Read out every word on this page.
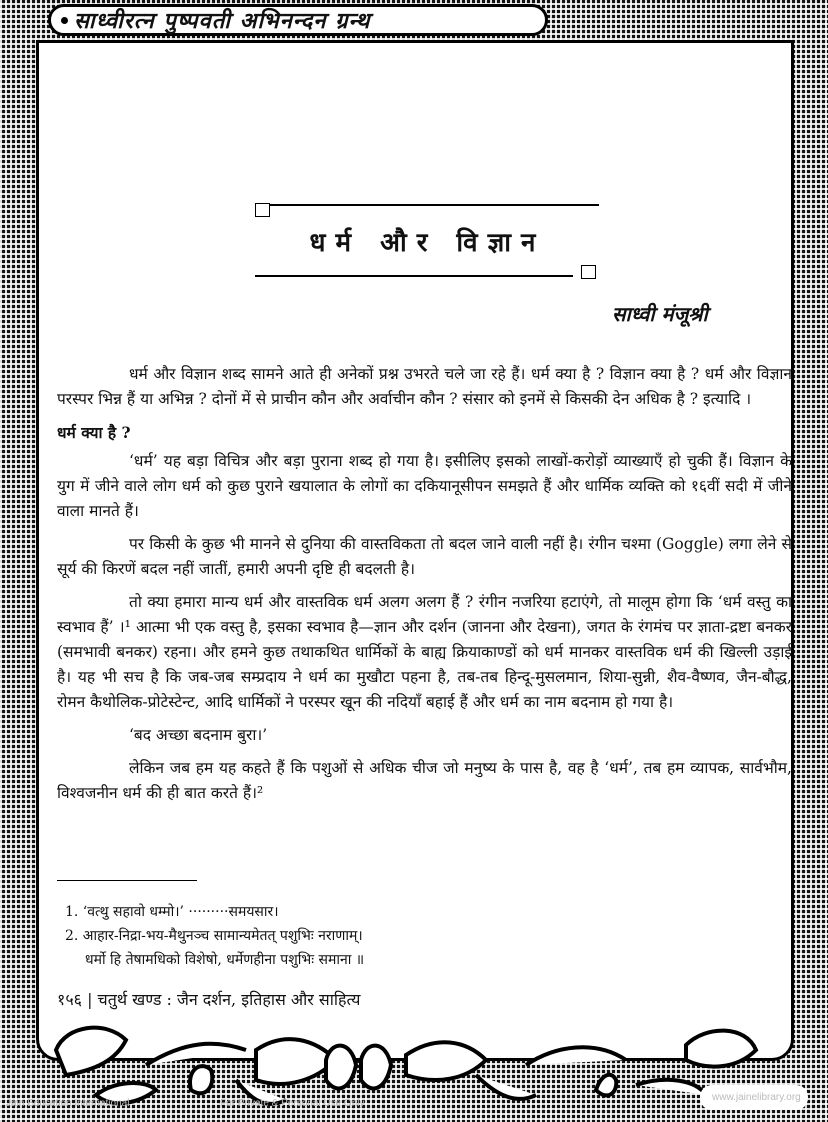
साध्वीरत्न पुष्पवती अभिनन्दन ग्रन्थ
धर्म और विज्ञान
साध्वी मंजूश्री

धर्म और विज्ञान शब्द सामने आते ही अनेकों प्रश्न उभरते चले जा रहे हैं। धर्म क्या है ? विज्ञान क्या है ? धर्म और विज्ञान परस्पर भिन्न हैं या अभिन्न ? दोनों में से प्राचीन कौन और अर्वाचीन कौन ? संसार को इनमें से किसकी देन अधिक है ? इत्यादि ।

धर्म क्या है ?

‘धर्म’ यह बड़ा विचित्र और बड़ा पुराना शब्द हो गया है। इसीलिए इसको लाखों-करोड़ों व्याख्याएँ हो चुकी हैं। विज्ञान के युग में जीने वाले लोग धर्म को कुछ पुराने खयालात के लोगों का दकियानूसीपन समझते हैं और धार्मिक व्यक्ति को १६वीं सदी में जीने वाला मानते हैं।

पर किसी के कुछ भी मानने से दुनिया की वास्तविकता तो बदल जाने वाली नहीं है। रंगीन चश्मा (Goggle) लगा लेने से सूर्य की किरणें बदल नहीं जातीं, हमारी अपनी दृष्टि ही बदलती है।

तो क्या हमारा मान्य धर्म और वास्तविक धर्म अलग अलग हैं ? रंगीन नजरिया हटाएंगे, तो मालूम होगा कि ‘धर्म वस्तु का स्वभाव हैं’ ।¹ आत्मा भी एक वस्तु है, इसका स्वभाव है—ज्ञान और दर्शन (जानना और देखना), जगत के रंगमंच पर ज्ञाता-द्रष्टा बनकर (समभावी बनकर) रहना। और हमने कुछ तथाकथित धार्मिकों के बाह्य क्रियाकाण्डों को धर्म मानकर वास्तविक धर्म की खिल्ली उड़ाई है। यह भी सच है कि जब-जब सम्प्रदाय ने धर्म का मुखौटा पहना है, तब-तब हिन्दू-मुसलमान, शिया-सुन्नी, शैव-वैष्णव, जैन-बौद्ध, रोमन कैथोलिक-प्रोटेस्टेन्ट, आदि धार्मिकों ने परस्पर खून की नदियाँ बहाई हैं और धर्म का नाम बदनाम हो गया है।

‘बद अच्छा बदनाम बुरा।’

लेकिन जब हम यह कहते हैं कि पशुओं से अधिक चीज जो मनुष्य के पास है, वह है ‘धर्म’, तब हम व्यापक, सार्वभौम, विश्वजनीन धर्म की ही बात करते हैं।²

1. ‘वत्थु सहावो धम्मो।’ ·········समयसार।

2. आहार-निद्रा-भय-मैथुनञ्च सामान्यमेतत् पशुभिः नराणाम्।

धर्मो हि तेषामधिको विशेषो, धर्मेणहीना पशुभिः समाना ॥

१५६ | चतुर्थ खण्ड : जैन दर्शन, इतिहास और साहित्य
Jain Education International	For Private & Personal Use Only
www.jainelibrary.org
